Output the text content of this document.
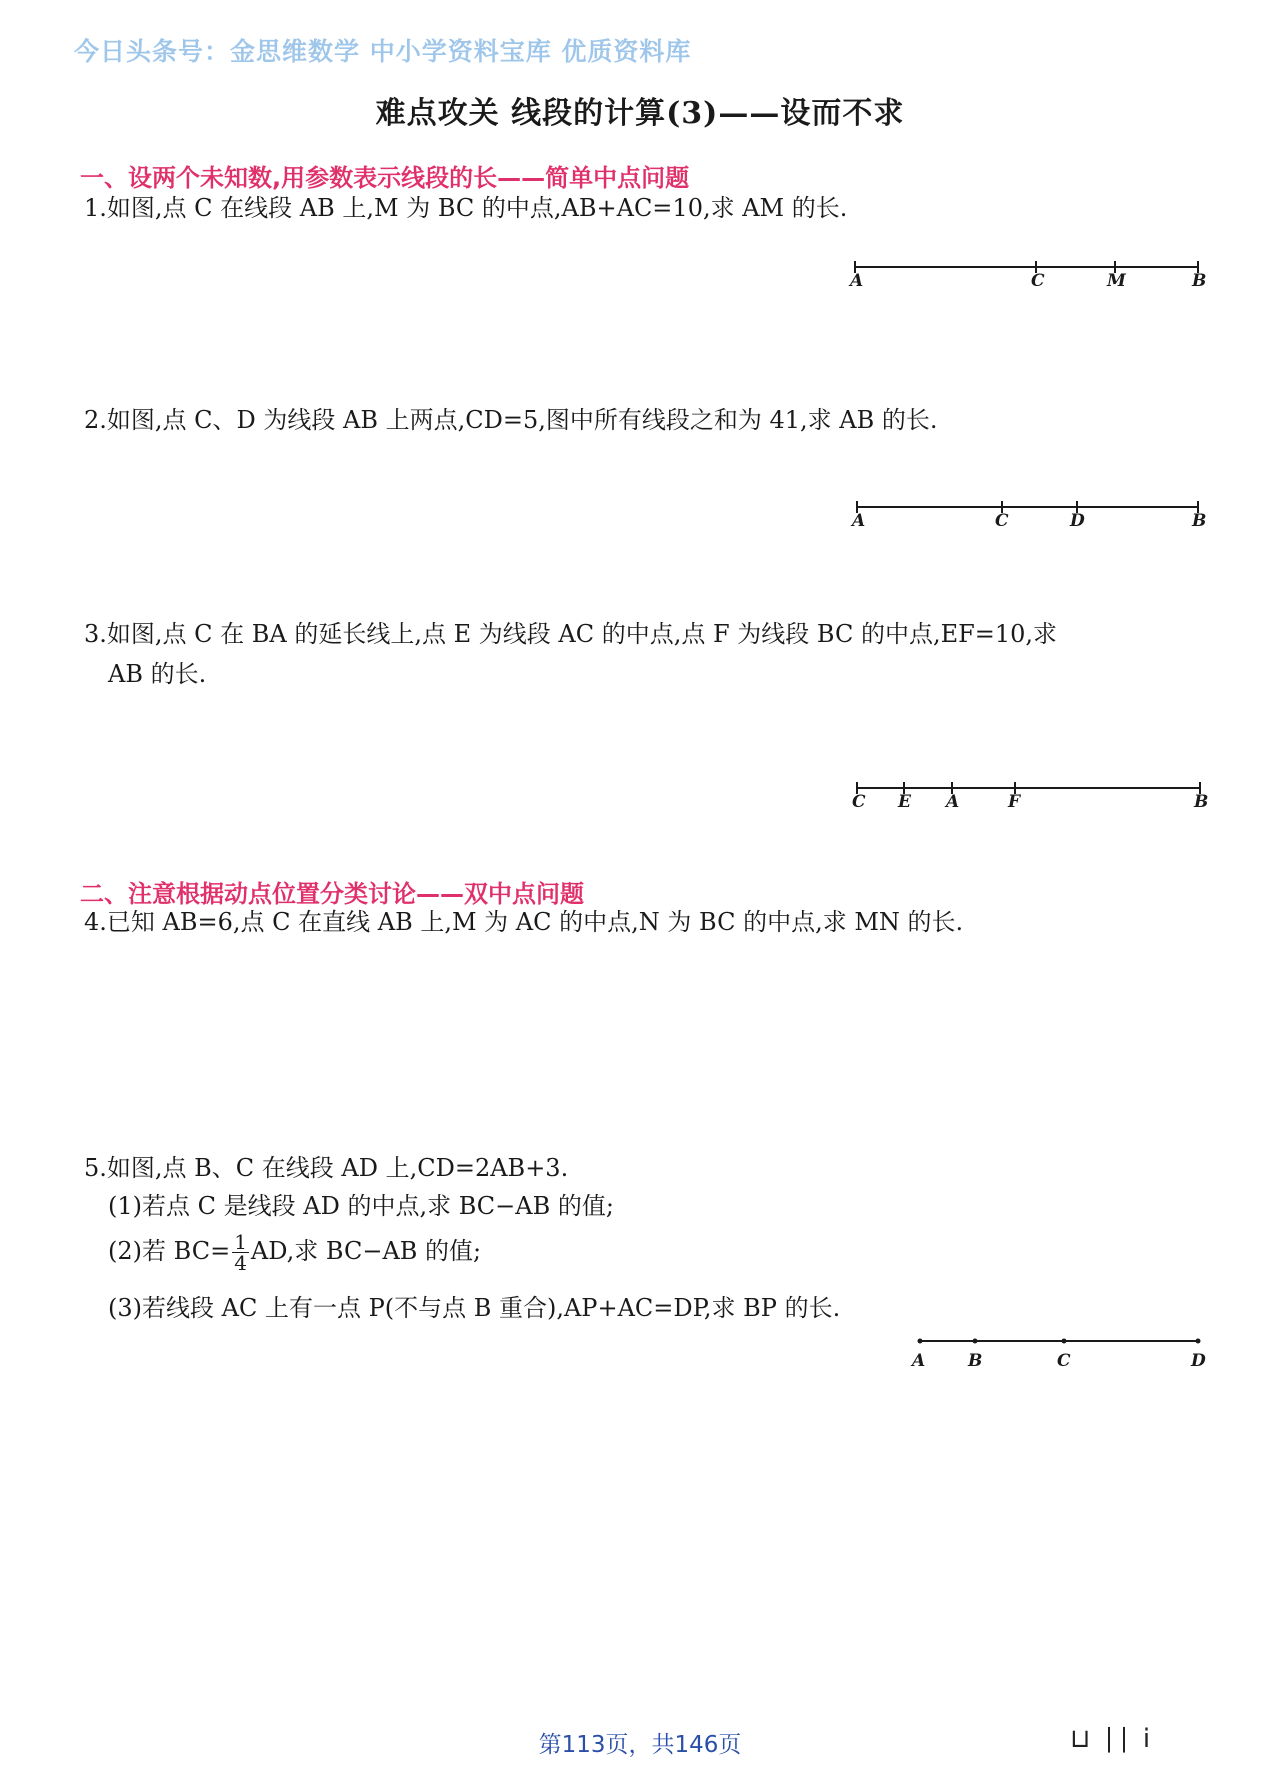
今日头条号：金思维数学 中小学资料宝库 优质资料库
难点攻关 线段的计算(3)——设而不求
一、设两个未知数,用参数表示线段的长——简单中点问题
1.如图,点 C 在线段 AB 上,M 为 BC 的中点,AB+AC=10,求 AM 的长.
2.如图,点 C、D 为线段 AB 上两点,CD=5,图中所有线段之和为 41,求 AB 的长.
3.如图,点 C 在 BA 的延长线上,点 E 为线段 AC 的中点,点 F 为线段 BC 的中点,EF=10,求
AB 的长.
二、注意根据动点位置分类讨论——双中点问题
4.已知 AB=6,点 C 在直线 AB 上,M 为 AC 的中点,N 为 BC 的中点,求 MN 的长.
5.如图,点 B、C 在线段 AD 上,CD=2AB+3.
(1)若点 C 是线段 AD 的中点,求 BC−AB 的值;
(2)若 $BC= \frac{1}{4}$ AD,求 BC−AB 的值;
(3)若线段 AC 上有一点 P(不与点 B 重合),AP+AC=DP,求 BP 的长.
A	C	M	B
A	C	D	B
C E A	F	B
A	B	C	D
第113页，共146页	⊔ ∣∣ ⅰ
